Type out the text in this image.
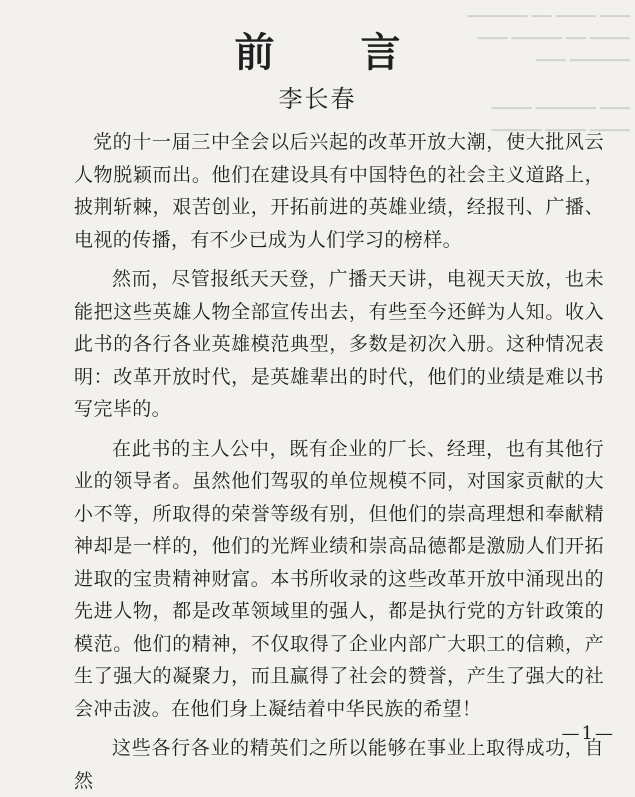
▁▁▁ ▁▁▁▁ ▁▁ ▁▁▁▁▁▁
▁▁▁▁ ▁▁ ▁▁▁▁▁ ▁▁▁
▁▁▁▁▁▁ ▁▁▁
▁▁▁ ▁▁▁▁▁▁ ▁▁▁▁
▁▁▁▁ ▁▁▁▁ ▁▁▁▁▁
前 言
李长春

党的十一届三中全会以后兴起的改革开放大潮，使大批风云人物脱颖而出。他们在建设具有中国特色的社会主义道路上，披荆斩棘，艰苦创业，开拓前进的英雄业绩，经报刊、广播、电视的传播，有不少已成为人们学习的榜样。

然而，尽管报纸天天登，广播天天讲，电视天天放，也未能把这些英雄人物全部宣传出去，有些至今还鲜为人知。收入此书的各行各业英雄模范典型，多数是初次入册。这种情况表明：改革开放时代，是英雄辈出的时代，他们的业绩是难以书写完毕的。

在此书的主人公中，既有企业的厂长、经理，也有其他行业的领导者。虽然他们驾驭的单位规模不同，对国家贡献的大小不等，所取得的荣誉等级有别，但他们的崇高理想和奉献精神却是一样的，他们的光辉业绩和崇高品德都是激励人们开拓进取的宝贵精神财富。本书所收录的这些改革开放中涌现出的先进人物，都是改革领域里的强人，都是执行党的方针政策的模范。他们的精神，不仅取得了企业内部广大职工的信赖，产生了强大的凝聚力，而且赢得了社会的赞誉，产生了强大的社会冲击波。在他们身上凝结着中华民族的希望！

这些各行各业的精英们之所以能够在事业上取得成功，自然

—1—
